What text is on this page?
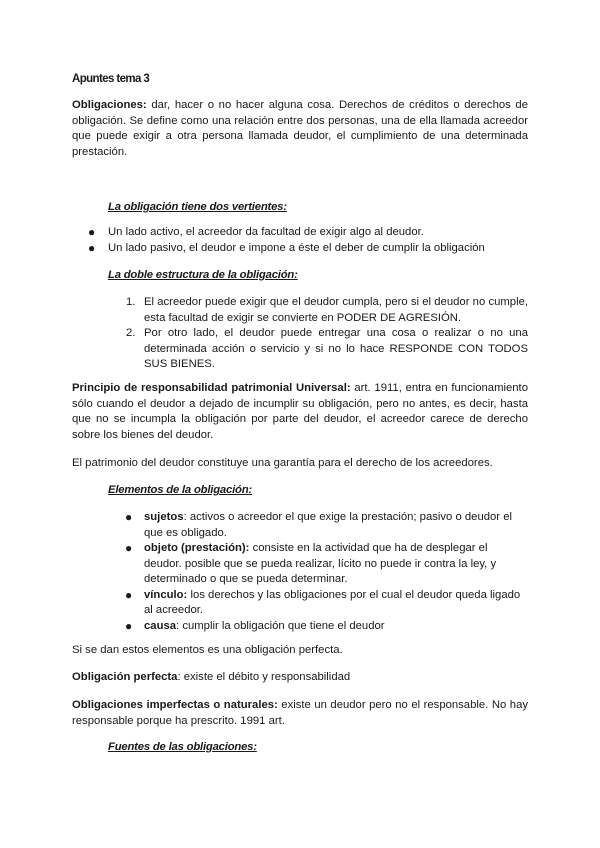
Apuntes tema 3

Obligaciones: dar, hacer o no hacer alguna cosa. Derechos de créditos o derechos de obligación. Se define como una relación entre dos personas, una de ella llamada acreedor que puede exigir a otra persona llamada deudor, el cumplimiento de una determinada prestación.

La obligación tiene dos vertientes:
● Un lado activo, el acreedor da facultad de exigir algo al deudor.
● Un lado pasivo, el deudor e impone a éste el deber de cumplir la obligación
La doble estructura de la obligación:
1. El acreedor puede exigir que el deudor cumpla, pero si el deudor no cumple, esta facultad de exigir se convierte en PODER DE AGRESIÓN.
2. Por otro lado, el deudor puede entregar una cosa o realizar o no una determinada acción o servicio y si no lo hace RESPONDE CON TODOS SUS BIENES.

Principio de responsabilidad patrimonial Universal: art. 1911, entra en funcionamiento sólo cuando el deudor a dejado de incumplir su obligación, pero no antes, es decir, hasta que no se incumpla la obligación por parte del deudor, el acreedor carece de derecho sobre los bienes del deudor.

El patrimonio del deudor constituye una garantía para el derecho de los acreedores.

Elementos de la obligación:
● sujetos: activos o acreedor el que exige la prestación; pasivo o deudor el que es obligado.
● objeto (prestación): consiste en la actividad que ha de desplegar el deudor. posible que se pueda realizar, lícito no puede ir contra la ley, y determinado o que se pueda determinar.
● vínculo: los derechos y las obligaciones por el cual el deudor queda ligado al acreedor.
● causa: cumplir la obligación que tiene el deudor

Si se dan estos elementos es una obligación perfecta.

Obligación perfecta: existe el débito y responsabilidad

Obligaciones imperfectas o naturales: existe un deudor pero no el responsable. No hay responsable porque ha prescrito. 1991 art.

Fuentes de las obligaciones:
